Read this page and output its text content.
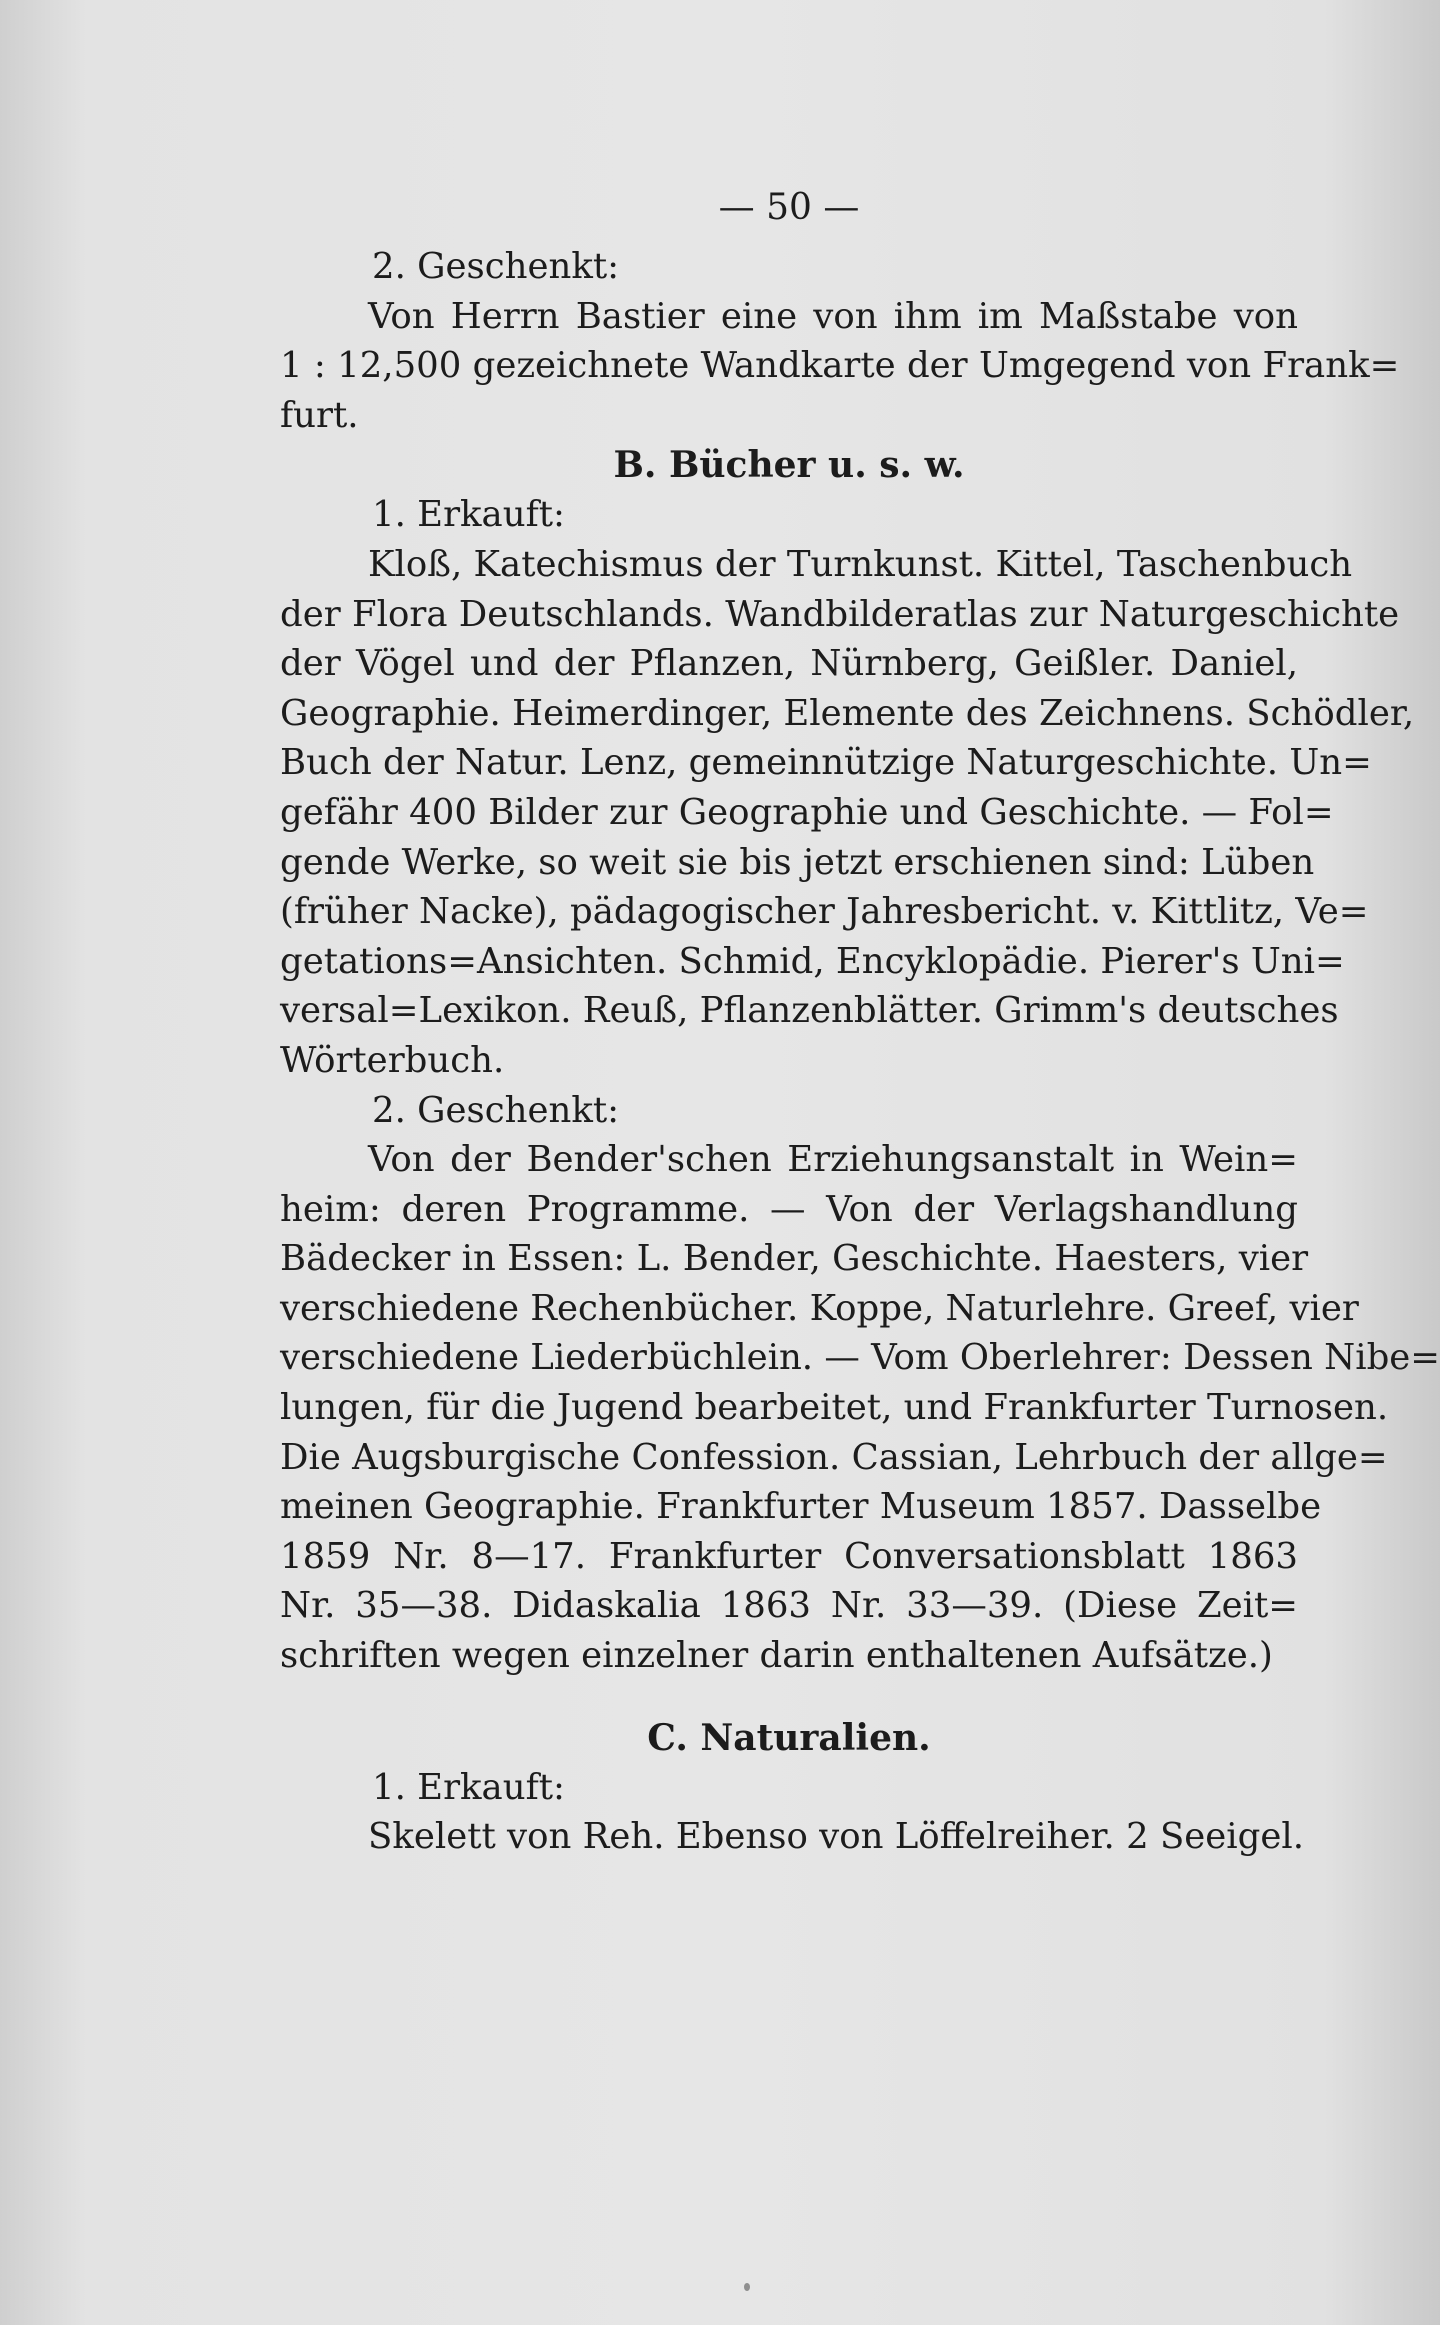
— 50 —
2. Geschenkt:
Von Herrn Bastier eine von ihm im Maßstabe von
1 : 12,500 gezeichnete Wandkarte der Umgegend von Frank=
furt.
B. Bücher u. s. w.
1. Erkauft:
Kloß, Katechismus der Turnkunst. Kittel, Taschenbuch
der Flora Deutschlands. Wandbilderatlas zur Naturgeschichte
der Vögel und der Pflanzen, Nürnberg, Geißler. Daniel,
Geographie. Heimerdinger, Elemente des Zeichnens. Schödler,
Buch der Natur. Lenz, gemeinnützige Naturgeschichte. Un=
gefähr 400 Bilder zur Geographie und Geschichte. — Fol=
gende Werke, so weit sie bis jetzt erschienen sind: Lüben
(früher Nacke), pädagogischer Jahresbericht. v. Kittlitz, Ve=
getations=Ansichten. Schmid, Encyklopädie. Pierer's Uni=
versal=Lexikon. Reuß, Pflanzenblätter. Grimm's deutsches
Wörterbuch.
2. Geschenkt:
Von der Bender'schen Erziehungsanstalt in Wein=
heim: deren Programme. — Von der Verlagshandlung
Bädecker in Essen: L. Bender, Geschichte. Haesters, vier
verschiedene Rechenbücher. Koppe, Naturlehre. Greef, vier
verschiedene Liederbüchlein. — Vom Oberlehrer: Dessen Nibe=
lungen, für die Jugend bearbeitet, und Frankfurter Turnosen.
Die Augsburgische Confession. Cassian, Lehrbuch der allge=
meinen Geographie. Frankfurter Museum 1857. Dasselbe
1859 Nr. 8—17. Frankfurter Conversationsblatt 1863
Nr. 35—38. Didaskalia 1863 Nr. 33—39. (Diese Zeit=
schriften wegen einzelner darin enthaltenen Aufsätze.)
C. Naturalien.
1. Erkauft:
Skelett von Reh. Ebenso von Löffelreiher. 2 Seeigel.
